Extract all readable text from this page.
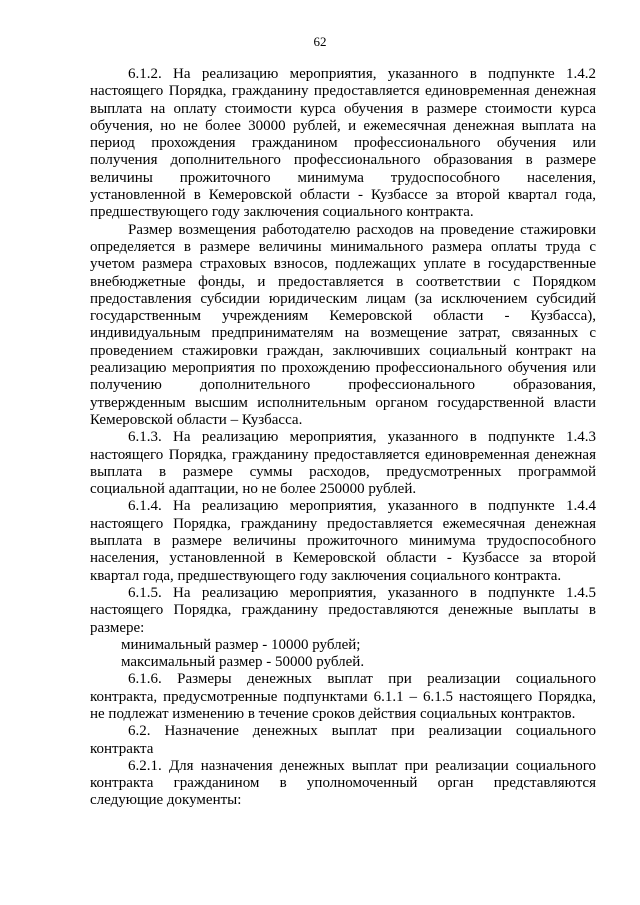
62
6.1.2. На реализацию мероприятия, указанного в подпункте 1.4.2
настоящего Порядка, гражданину предоставляется единовременная денежная
выплата на оплату стоимости курса обучения в размере стоимости курса
обучения, но не более 30000 рублей, и ежемесячная денежная выплата на
период прохождения гражданином профессионального обучения или
получения дополнительного профессионального образования в размере
величины прожиточного минимума трудоспособного населения,
установленной в Кемеровской области - Кузбассе за второй квартал года,
предшествующего году заключения социального контракта.
Размер возмещения работодателю расходов на проведение стажировки
определяется в размере величины минимального размера оплаты труда с
учетом размера страховых взносов, подлежащих уплате в государственные
внебюджетные фонды, и предоставляется в соответствии с Порядком
предоставления субсидии юридическим лицам (за исключением субсидий
государственным учреждениям Кемеровской области - Кузбасса),
индивидуальным предпринимателям на возмещение затрат, связанных с
проведением стажировки граждан, заключивших социальный контракт на
реализацию мероприятия по прохождению профессионального обучения или
получению дополнительного профессионального образования,
утвержденным высшим исполнительным органом государственной власти
Кемеровской области – Кузбасса.
6.1.3. На реализацию мероприятия, указанного в подпункте 1.4.3
настоящего Порядка, гражданину предоставляется единовременная денежная
выплата в размере суммы расходов, предусмотренных программой
социальной адаптации, но не более 250000 рублей.
6.1.4. На реализацию мероприятия, указанного в подпункте 1.4.4
настоящего Порядка, гражданину предоставляется ежемесячная денежная
выплата в размере величины прожиточного минимума трудоспособного
населения, установленной в Кемеровской области - Кузбассе за второй
квартал года, предшествующего году заключения социального контракта.
6.1.5. На реализацию мероприятия, указанного в подпункте 1.4.5
настоящего Порядка, гражданину предоставляются денежные выплаты в
размере:
минимальный размер - 10000 рублей;
максимальный размер - 50000 рублей.
6.1.6. Размеры денежных выплат при реализации социального
контракта, предусмотренные подпунктами 6.1.1 – 6.1.5 настоящего Порядка,
не подлежат изменению в течение сроков действия социальных контрактов.
6.2. Назначение денежных выплат при реализации социального
контракта
6.2.1. Для назначения денежных выплат при реализации социального
контракта гражданином в уполномоченный орган представляются
следующие документы:
